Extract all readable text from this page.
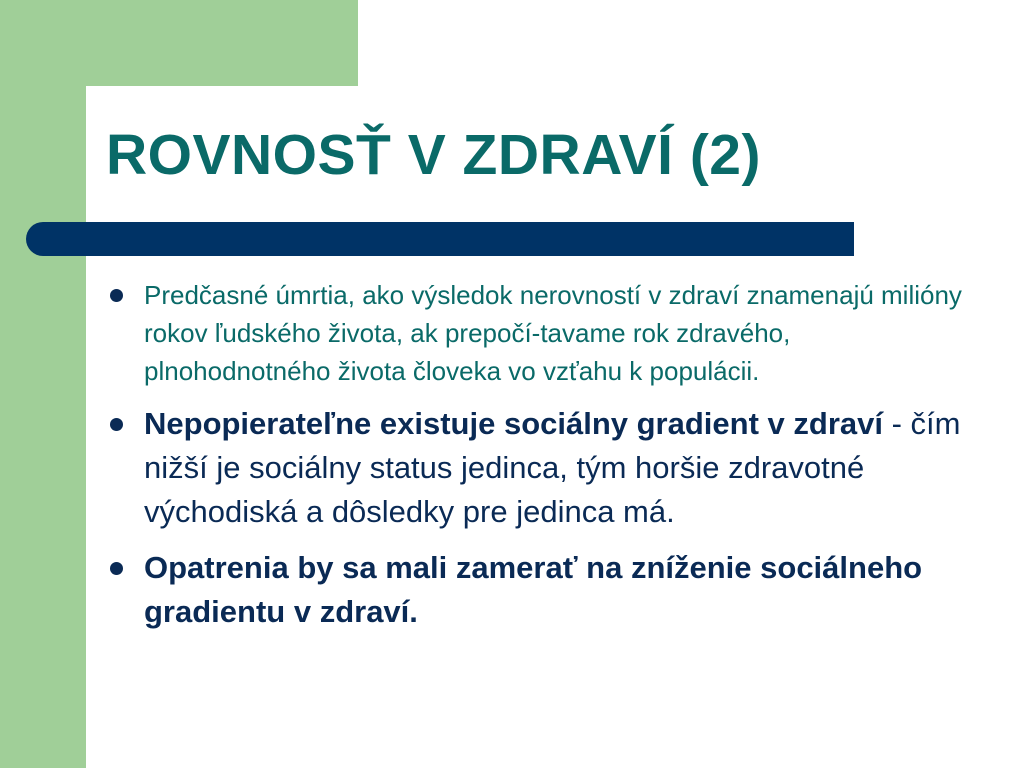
ROVNOSŤ V ZDRAVÍ (2)
Predčasné úmrtia, ako výsledok nerovností v zdraví znamenajú milióny rokov ľudského života, ak prepočí-tavame rok zdravého, plnohodnotného života človeka vo vzťahu k populácii.
Nepopierateľne existuje sociálny gradient v zdraví - čím nižší je sociálny status jedinca, tým horšie zdravotné východiská a dôsledky pre jedinca má.
Opatrenia by sa mali zamerať na zníženie sociálneho gradientu v zdraví.
